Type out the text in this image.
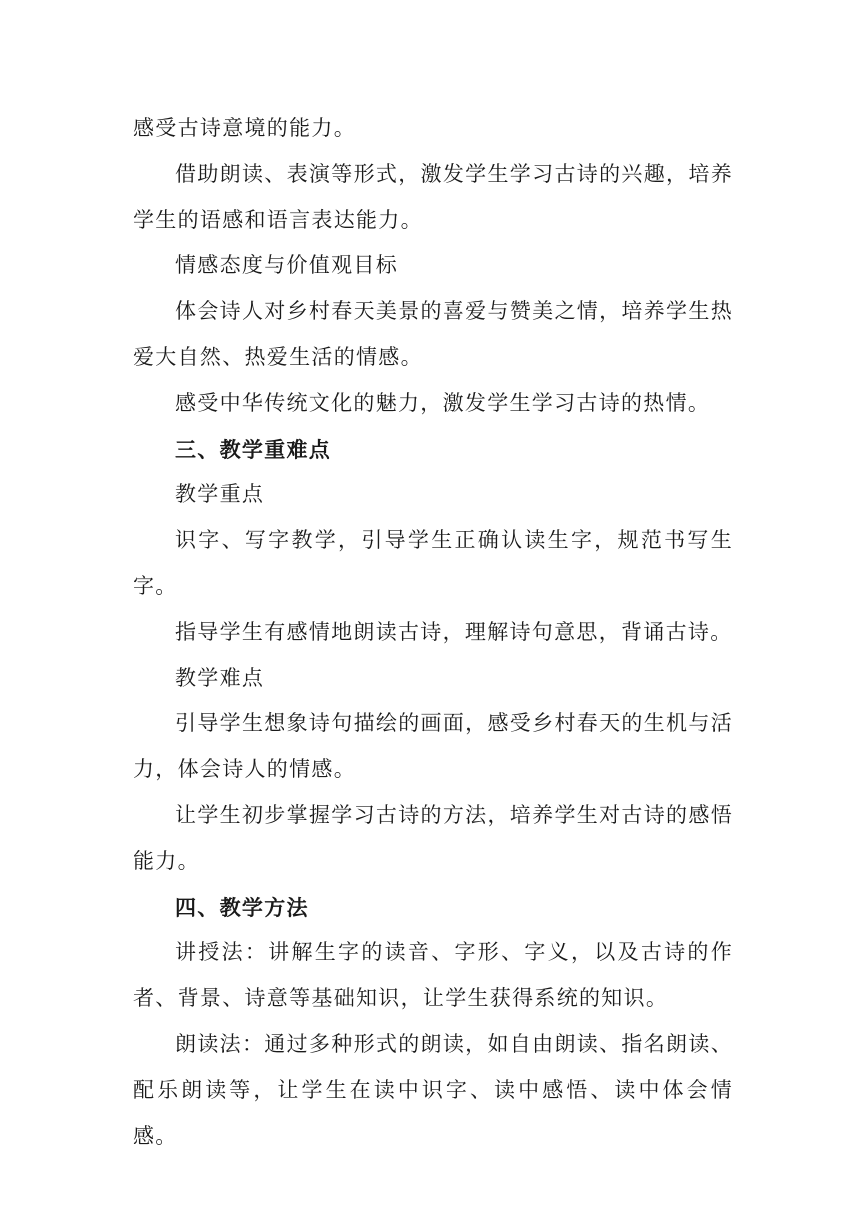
感受古诗意境的能力。

借助朗读、表演等形式，激发学生学习古诗的兴趣，培养学生的语感和语言表达能力。

情感态度与价值观目标

体会诗人对乡村春天美景的喜爱与赞美之情，培养学生热爱大自然、热爱生活的情感。

感受中华传统文化的魅力，激发学生学习古诗的热情。

三、教学重难点

教学重点

识字、写字教学，引导学生正确认读生字，规范书写生字。

指导学生有感情地朗读古诗，理解诗句意思，背诵古诗。

教学难点

引导学生想象诗句描绘的画面，感受乡村春天的生机与活力，体会诗人的情感。

让学生初步掌握学习古诗的方法，培养学生对古诗的感悟能力。

四、教学方法

讲授法：讲解生字的读音、字形、字义，以及古诗的作者、背景、诗意等基础知识，让学生获得系统的知识。

朗读法：通过多种形式的朗读，如自由朗读、指名朗读、配乐朗读等，让学生在读中识字、读中感悟、读中体会情感。
